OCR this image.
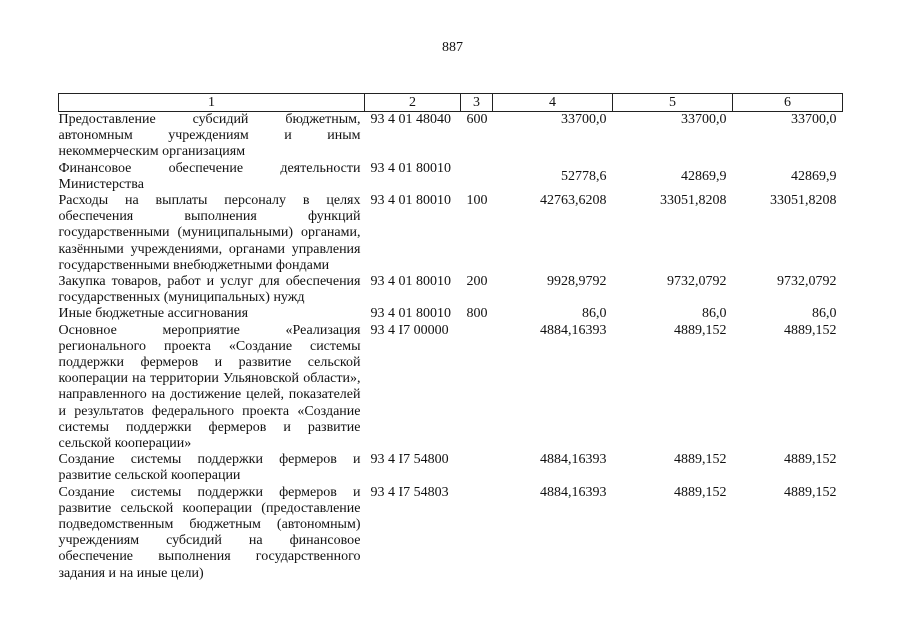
887
1	2	3	4	5	6
Предоставление субсидий бюджетным, автономным учреждениям и иным некоммерческим организациям	93 4 01 48040	600	33700,0	33700,0	33700,0
Финансовое обеспечение деятельности Министерства	93 4 01 80010		52778,6	42869,9	42869,9
Расходы на выплаты персоналу в целях обеспечения выполнения функций государственными (муниципальными) органами, казёнными учреждениями, органами управления государственными внебюджетными фондами	93 4 01 80010	100	42763,6208	33051,8208	33051,8208
Закупка товаров, работ и услуг для обеспечения государственных (муниципальных) нужд	93 4 01 80010	200	9928,9792	9732,0792	9732,0792
Иные бюджетные ассигнования	93 4 01 80010	800	86,0	86,0	86,0
Основное мероприятие «Реализация регионального проекта «Создание системы поддержки фермеров и развитие сельской кооперации на территории Ульяновской области», направленного на достижение целей, показателей и результатов федерального проекта «Создание системы поддержки фермеров и развитие сельской кооперации»	93 4 I7 00000		4884,16393	4889,152	4889,152
Создание системы поддержки фермеров и развитие сельской кооперации	93 4 I7 54800		4884,16393	4889,152	4889,152
Создание системы поддержки фермеров и развитие сельской кооперации (предоставление подведомственным бюджетным (автономным) учреждениям субсидий на финансовое обеспечение выполнения государственного задания и на иные цели)	93 4 I7 54803		4884,16393	4889,152	4889,152
